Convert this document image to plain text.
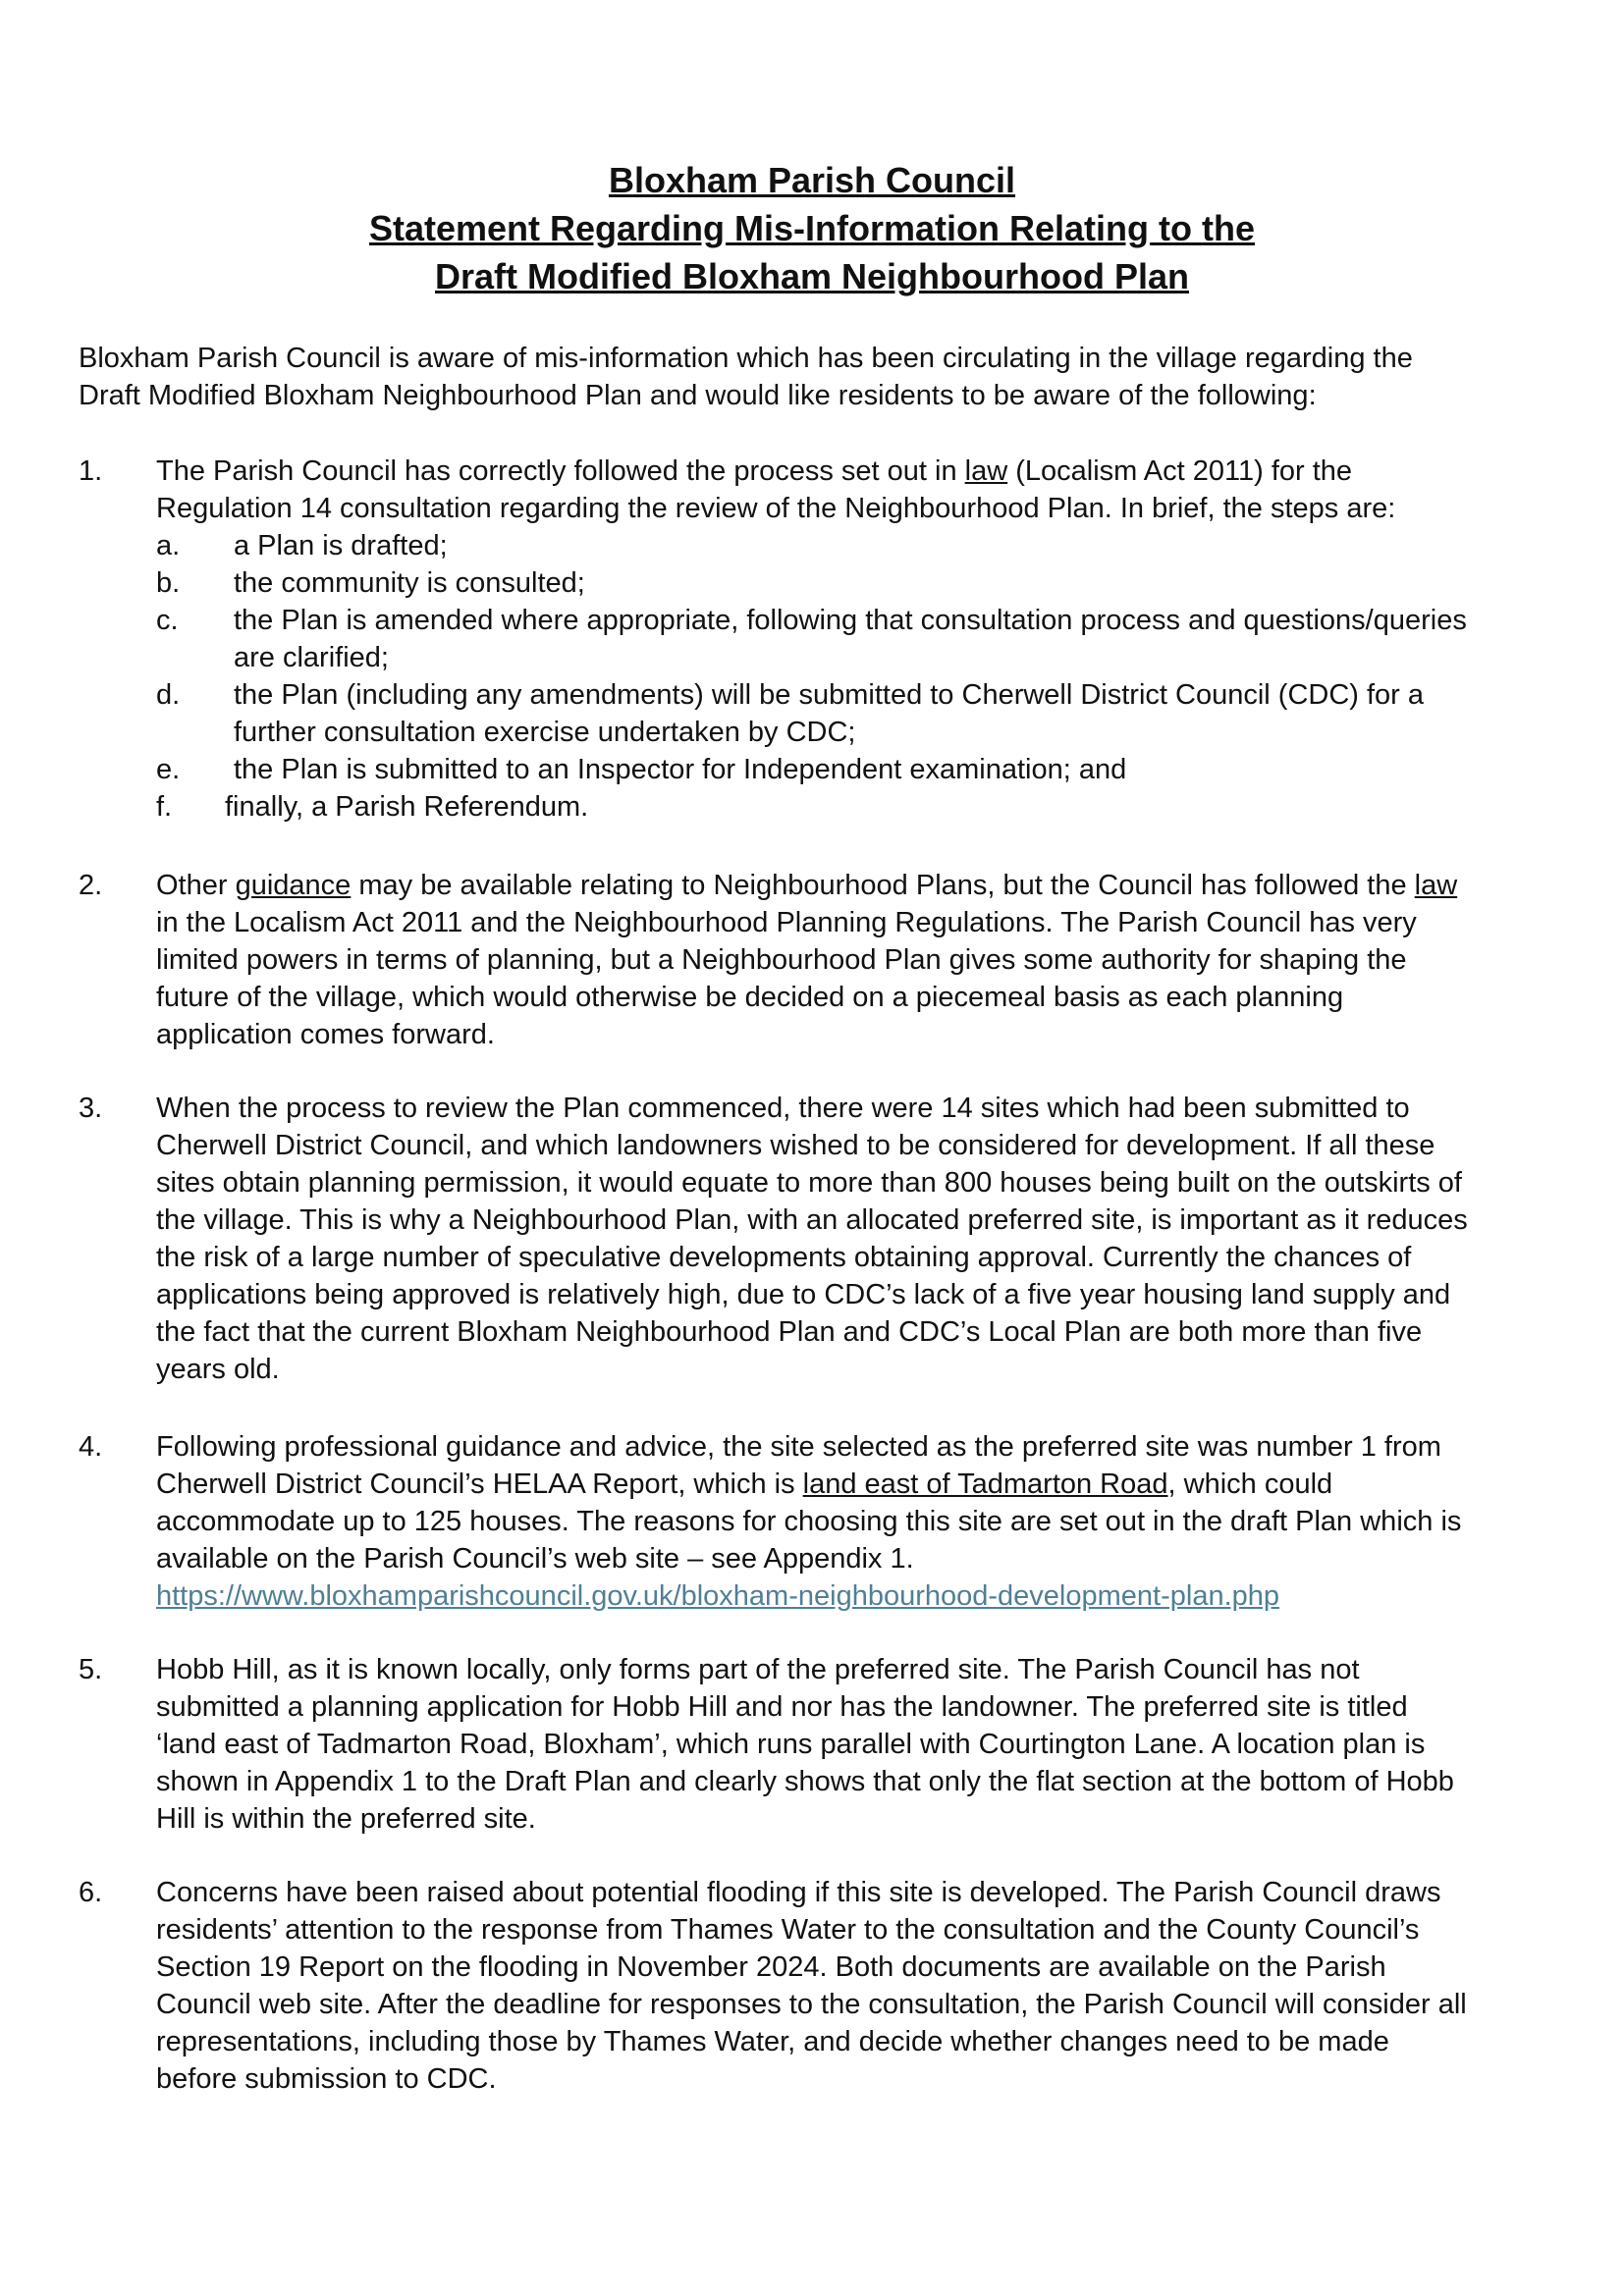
Bloxham Parish Council
Statement Regarding Mis-Information Relating to the
Draft Modified Bloxham Neighbourhood Plan
Bloxham Parish Council is aware of mis-information which has been circulating in the village regarding the
Draft Modified Bloxham Neighbourhood Plan and would like residents to be aware of the following:
1. The Parish Council has correctly followed the process set out in law (Localism Act 2011) for the
Regulation 14 consultation regarding the review of the Neighbourhood Plan. In brief, the steps are:
a. a Plan is drafted;
b. the community is consulted;
c. the Plan is amended where appropriate, following that consultation process and questions/queries
are clarified;
d. the Plan (including any amendments) will be submitted to Cherwell District Council (CDC) for a
further consultation exercise undertaken by CDC;
e. the Plan is submitted to an Inspector for Independent examination; and
f. finally, a Parish Referendum.
2. Other guidance may be available relating to Neighbourhood Plans, but the Council has followed the law
in the Localism Act 2011 and the Neighbourhood Planning Regulations. The Parish Council has very
limited powers in terms of planning, but a Neighbourhood Plan gives some authority for shaping the
future of the village, which would otherwise be decided on a piecemeal basis as each planning
application comes forward.
3. When the process to review the Plan commenced, there were 14 sites which had been submitted to
Cherwell District Council, and which landowners wished to be considered for development. If all these
sites obtain planning permission, it would equate to more than 800 houses being built on the outskirts of
the village. This is why a Neighbourhood Plan, with an allocated preferred site, is important as it reduces
the risk of a large number of speculative developments obtaining approval. Currently the chances of
applications being approved is relatively high, due to CDC’s lack of a five year housing land supply and
the fact that the current Bloxham Neighbourhood Plan and CDC’s Local Plan are both more than five
years old.
4. Following professional guidance and advice, the site selected as the preferred site was number 1 from
Cherwell District Council’s HELAA Report, which is land east of Tadmarton Road, which could
accommodate up to 125 houses. The reasons for choosing this site are set out in the draft Plan which is
available on the Parish Council’s web site – see Appendix 1.
https://www.bloxhamparishcouncil.gov.uk/bloxham-neighbourhood-development-plan.php
5. Hobb Hill, as it is known locally, only forms part of the preferred site. The Parish Council has not
submitted a planning application for Hobb Hill and nor has the landowner. The preferred site is titled
‘land east of Tadmarton Road, Bloxham’, which runs parallel with Courtington Lane. A location plan is
shown in Appendix 1 to the Draft Plan and clearly shows that only the flat section at the bottom of Hobb
Hill is within the preferred site.
6. Concerns have been raised about potential flooding if this site is developed. The Parish Council draws
residents’ attention to the response from Thames Water to the consultation and the County Council’s
Section 19 Report on the flooding in November 2024. Both documents are available on the Parish
Council web site. After the deadline for responses to the consultation, the Parish Council will consider all
representations, including those by Thames Water, and decide whether changes need to be made
before submission to CDC.
